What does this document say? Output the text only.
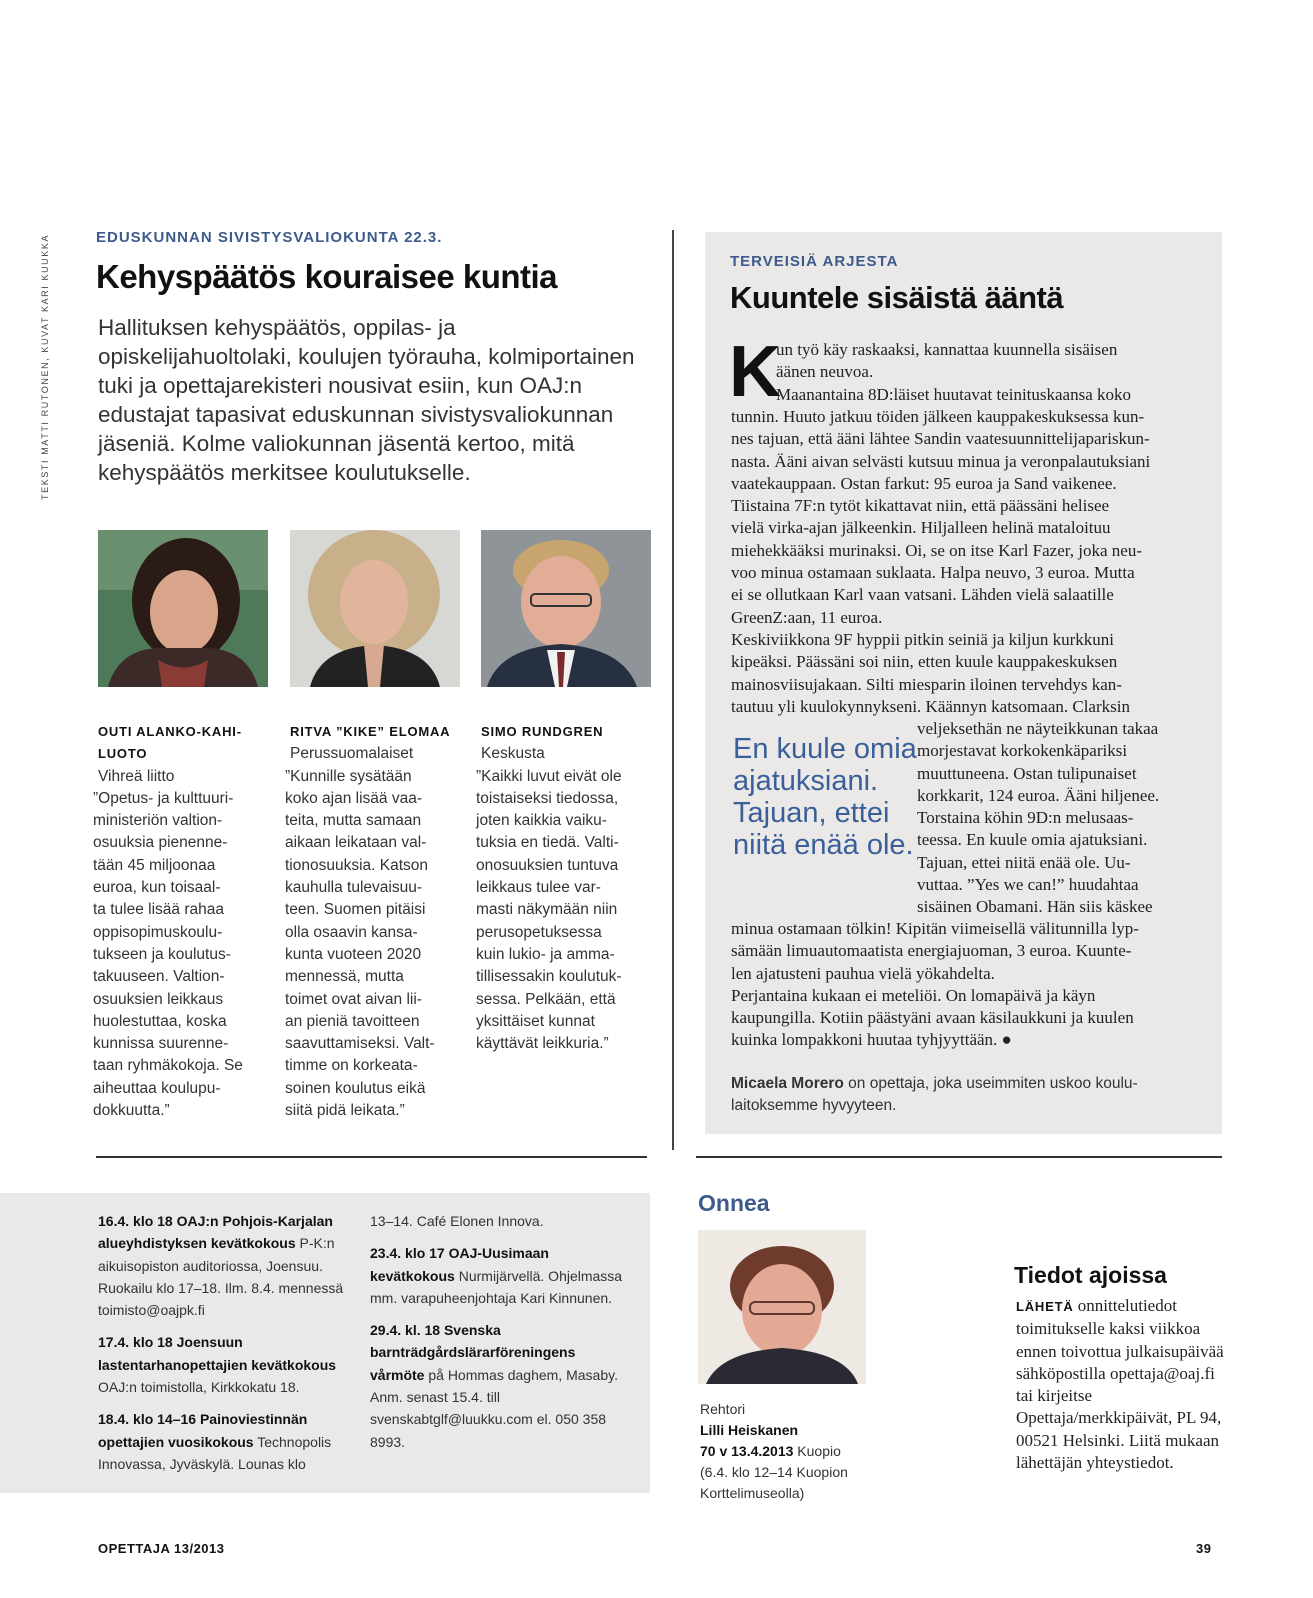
TEKSTI MATTI RUTONEN, KUVAT KARI KUUKKA	EDUSKUNNAN SIVISTYSVALIOKUNTA 22.3.
Kehyspäätös kouraisee kuntia
Hallituksen kehyspäätös, oppilas- ja opiskelijahuoltolaki, koulujen työrauha, kolmiportainen tuki ja opettajarekisteri nousivat esiin, kun OAJ:n edustajat tapasivat eduskunnan sivistysvaliokunnan jäseniä. Kolme valiokunnan jäsentä kertoo, mitä kehyspäätös merkitsee koulutukselle.

OUTI ALANKO-KAHI-
LUOTO

Vihreä liitto

”Opetus- ja kulttuuri-
ministeriön valtion-
osuuksia pienenne-
tään 45 miljoonaa
euroa, kun toisaal-
ta tulee lisää rahaa
oppisopimuskoulu-
tukseen ja koulutus-
takuuseen. Valtion-
osuuksien leikkaus
huolestuttaa, koska
kunnissa suurenne-
taan ryhmäkokoja. Se
aiheuttaa koulupu-
dokkuutta.”

RITVA ”KIKE” ELOMAA

Perussuomalaiset

”Kunnille sysätään
koko ajan lisää vaa-
teita, mutta samaan
aikaan leikataan val-
tionosuuksia. Katson
kauhulla tulevaisuu-
teen. Suomen pitäisi
olla osaavin kansa-
kunta vuoteen 2020
mennessä, mutta
toimet ovat aivan lii-
an pieniä tavoitteen
saavuttamiseksi. Valt-
timme on korkeata-
soinen koulutus eikä
siitä pidä leikata.”

SIMO RUNDGREN

Keskusta

”Kaikki luvut eivät ole
toistaiseksi tiedossa,
joten kaikkia vaiku-
tuksia en tiedä. Valti-
onosuuksien tuntuva
leikkaus tulee var-
masti näkymään niin
perusopetuksessa
kuin lukio- ja amma-
tillisessakin koulutuk-
sessa. Pelkään, että
yksittäiset kunnat
käyttävät leikkuria.”

TERVEISIÄ ARJESTA
Kuuntele sisäistä ääntä
K

un työ käy raskaaksi, kannattaa kuunnella sisäisen
äänen neuvoa.
Maanantaina 8D:läiset huutavat teinituskaansa koko

tunnin. Huuto jatkuu töiden jälkeen kauppakeskuksessa kun-
nes tajuan, että ääni lähtee Sandin vaatesuunnittelijapariskun-
nasta. Ääni aivan selvästi kutsuu minua ja veronpalautuksiani
vaatekauppaan. Ostan farkut: 95 euroa ja Sand vaikenee.
Tiistaina 7F:n tytöt kikattavat niin, että päässäni helisee
vielä virka-ajan jälkeenkin. Hiljalleen helinä mataloituu
miehekkääksi murinaksi. Oi, se on itse Karl Fazer, joka neu-
voo minua ostamaan suklaata. Halpa neuvo, 3 euroa. Mutta
ei se ollutkaan Karl vaan vatsani. Lähden vielä salaatille
GreenZ:aan, 11 euroa.
Keskiviikkona 9F hyppii pitkin seiniä ja kiljun kurkkuni
kipeäksi. Päässäni soi niin, etten kuule kauppakeskuksen
mainosviisujakaan. Silti miesparin iloinen tervehdys kan-
tautuu yli kuulokynnykseni. Käännyn katsomaan. Clarksin

En kuule omia ajatuksiani. Tajuan, ettei niitä enää ole.

veljeksethän ne näyteikkunan takaa
morjestavat korkokenkäpariksi
muuttuneena. Ostan tulipunaiset
korkkarit, 124 euroa. Ääni hiljenee.
Torstaina köhin 9D:n melusaas-
teessa. En kuule omia ajatuksiani.
Tajuan, ettei niitä enää ole. Uu-
vuttaa. ”Yes we can!” huudahtaa
sisäinen Obamani. Hän siis käskee

minua ostamaan tölkin! Kipitän viimeisellä välitunnilla lyp-
sämään limuautomaatista energiajuoman, 3 euroa. Kuunte-
len ajatusteni pauhua vielä yökahdelta.
Perjantaina kukaan ei meteliöi. On lomapäivä ja käyn
kaupungilla. Kotiin päästyäni avaan käsilaukkuni ja kuulen
kuinka lompakkoni huutaa tyhjyyttään. ●

Micaela Morero on opettaja, joka useimmiten uskoo koulu-
laitoksemme hyvyyteen.

16.4. klo 18 OAJ:n Pohjois-Karjalan alueyhdistyksen kevätkokous P-K:n aikuisopiston auditoriossa, Joensuu. Ruokailu klo 17–18. Ilm. 8.4. mennessä toimisto@oajpk.fi

17.4. klo 18 Joensuun lastentarhanopettajien kevätkokous OAJ:n toimistolla, Kirkkokatu 18.

18.4. klo 14–16 Painoviestinnän opettajien vuosikokous Technopolis Innovassa, Jyväskylä. Lounas klo

13–14. Café Elonen Innova.

23.4. klo 17 OAJ-Uusimaan kevätkokous Nurmijärvellä. Ohjelmassa mm. varapuheenjohtaja Kari Kinnunen.

29.4. kl. 18 Svenska barnträdgårdslärarföreningens vårmöte på Hommas daghem, Masaby. Anm. senast 15.4. till svenskabtglf@luukku.com el. 050 358 8993.

Onnea

Rehtori

Lilli Heiskanen

70 v 13.4.2013 Kuopio

(6.4. klo 12–14 Kuopion Korttelimuseolla)

Tiedot ajoissa
LÄHETÄ onnittelutiedot toimitukselle kaksi viikkoa ennen toivottua julkaisupäivää sähköpostilla opettaja@oaj.fi tai kirjeitse Opettaja/merkkipäivät, PL 94, 00521 Helsinki. Liitä mukaan lähettäjän yhteystiedot.
OPETTAJA 13/2013	39
